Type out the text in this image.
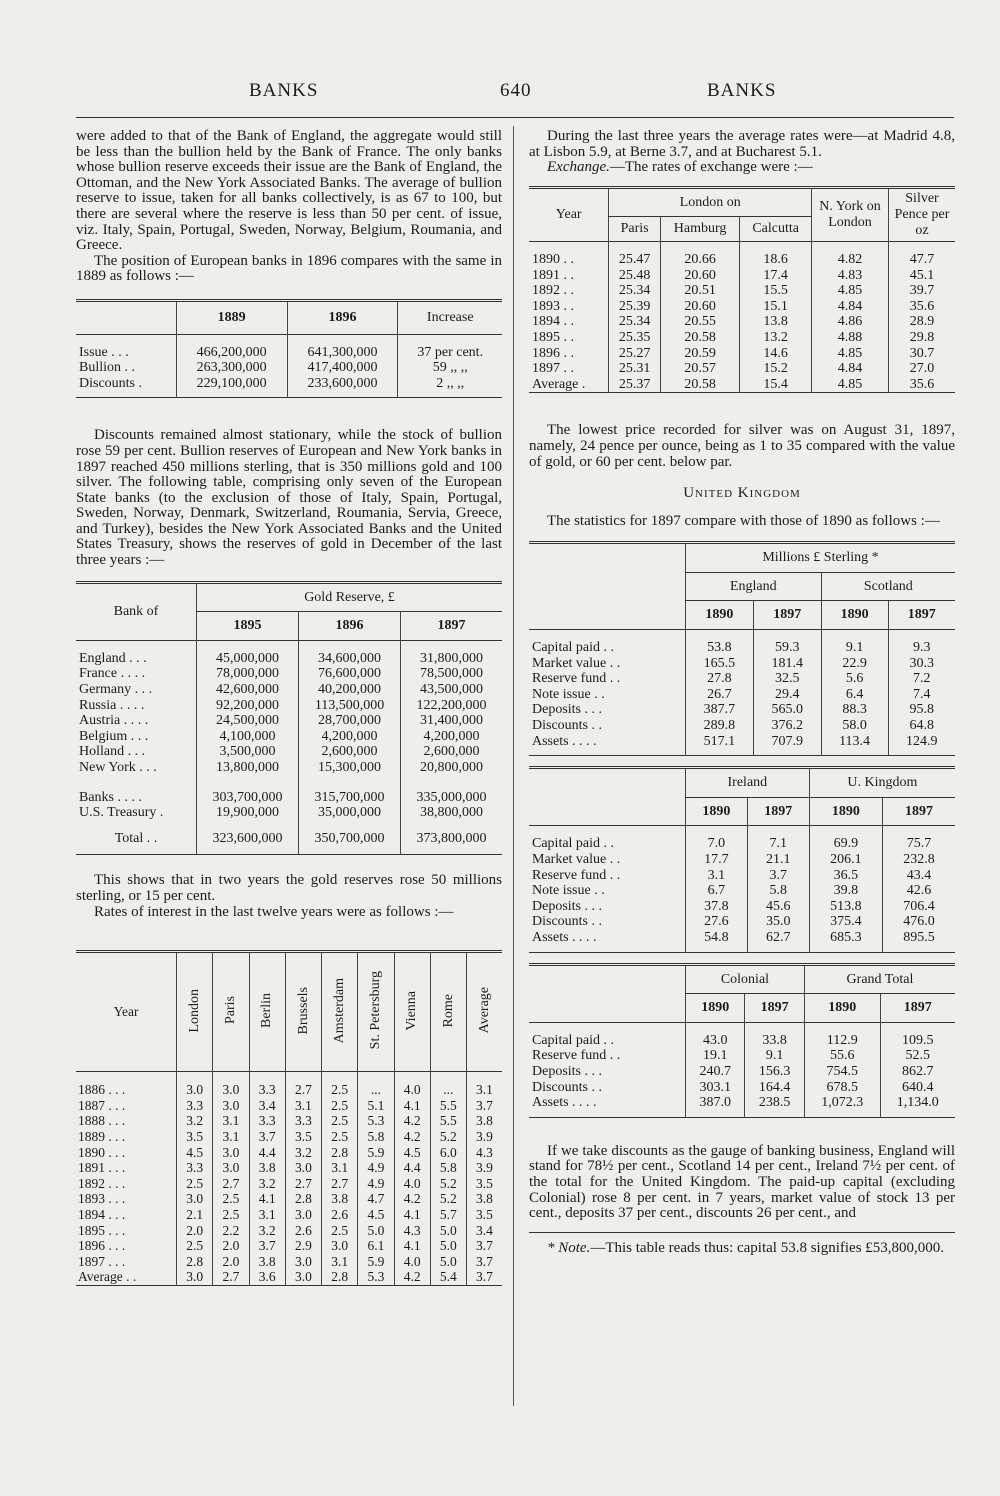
BANKS	640	BANKS

were added to that of the Bank of England, the aggregate would still be less than the bullion held by the Bank of France. The only banks whose bullion reserve exceeds their issue are the Bank of England, the Ottoman, and the New York Associated Banks. The average of bullion reserve to issue, taken for all banks collectively, is as 67 to 100, but there are several where the reserve is less than 50 per cent. of issue, viz. Italy, Spain, Portugal, Sweden, Norway, Belgium, Roumania, and Greece.

The position of European banks in 1896 compares with the same in 1889 as follows :—

	1889	1896	Increase
Issue . . .	466,200,000	641,300,000	37 per cent.
Bullion . .	263,300,000	417,400,000	59 ,, ,,
Discounts .	229,100,000	233,600,000	2 ,, ,,

Discounts remained almost stationary, while the stock of bullion rose 59 per cent. Bullion reserves of European and New York banks in 1897 reached 450 millions sterling, that is 350 millions gold and 100 silver. The following table, comprising only seven of the European State banks (to the exclusion of those of Italy, Spain, Portugal, Sweden, Norway, Denmark, Switzerland, Roumania, Servia, Greece, and Turkey), besides the New York Associated Banks and the United States Treasury, shows the reserves of gold in December of the last three years :—

Bank of	Gold Reserve, £		
	1895	1896	1897
England . . .	45,000,000	34,600,000	31,800,000
France . . . .	78,000,000	76,600,000	78,500,000
Germany . . .	42,600,000	40,200,000	43,500,000
Russia . . . .	92,200,000	113,500,000	122,200,000
Austria . . . .	24,500,000	28,700,000	31,400,000
Belgium . . .	4,100,000	4,200,000	4,200,000
Holland . . .	3,500,000	2,600,000	2,600,000
New York . . .	13,800,000	15,300,000	20,800,000
Banks . . . .	303,700,000	315,700,000	335,000,000
U.S. Treasury .	19,900,000	35,000,000	38,800,000
Total . .	323,600,000	350,700,000	373,800,000

This shows that in two years the gold reserves rose 50 millions sterling, or 15 per cent.

Rates of interest in the last twelve years were as follows :—

Year	London	Paris	Berlin	Brussels	Amsterdam	St. Petersburg	Vienna	Rome	Average
1886 . . .	3.0	3.0	3.3	2.7	2.5	...	4.0	...	3.1
1887 . . .	3.3	3.0	3.4	3.1	2.5	5.1	4.1	5.5	3.7
1888 . . .	3.2	3.1	3.3	3.3	2.5	5.3	4.2	5.5	3.8
1889 . . .	3.5	3.1	3.7	3.5	2.5	5.8	4.2	5.2	3.9
1890 . . .	4.5	3.0	4.4	3.2	2.8	5.9	4.5	6.0	4.3
1891 . . .	3.3	3.0	3.8	3.0	3.1	4.9	4.4	5.8	3.9
1892 . . .	2.5	2.7	3.2	2.7	2.7	4.9	4.0	5.2	3.5
1893 . . .	3.0	2.5	4.1	2.8	3.8	4.7	4.2	5.2	3.8
1894 . . .	2.1	2.5	3.1	3.0	2.6	4.5	4.1	5.7	3.5
1895 . . .	2.0	2.2	3.2	2.6	2.5	5.0	4.3	5.0	3.4
1896 . . .	2.5	2.0	3.7	2.9	3.0	6.1	4.1	5.0	3.7
1897 . . .	2.8	2.0	3.8	3.0	3.1	5.9	4.0	5.0	3.7
Average . .	3.0	2.7	3.6	3.0	2.8	5.3	4.2	5.4	3.7

During the last three years the average rates were—at Madrid 4.8, at Lisbon 5.9, at Berne 3.7, and at Bucharest 5.1.

Exchange.—The rates of exchange were :—

Year	London on			N. York on London	Silver Pence per oz
	Paris	Hamburg	Calcutta		
1890 . .	25.47	20.66	18.6	4.82	47.7
1891 . .	25.48	20.60	17.4	4.83	45.1
1892 . .	25.34	20.51	15.5	4.85	39.7
1893 . .	25.39	20.60	15.1	4.84	35.6
1894 . .	25.34	20.55	13.8	4.86	28.9
1895 . .	25.35	20.58	13.2	4.88	29.8
1896 . .	25.27	20.59	14.6	4.85	30.7
1897 . .	25.31	20.57	15.2	4.84	27.0
Average .	25.37	20.58	15.4	4.85	35.6

The lowest price recorded for silver was on August 31, 1897, namely, 24 pence per ounce, being as 1 to 35 compared with the value of gold, or 60 per cent. below par.

United Kingdom

The statistics for 1897 compare with those of 1890 as follows :—

	Millions £ Sterling *			
	England		Scotland	
	1890	1897	1890	1897
Capital paid . .	53.8	59.3	9.1	9.3
Market value . .	165.5	181.4	22.9	30.3
Reserve fund . .	27.8	32.5	5.6	7.2
Note issue . .	26.7	29.4	6.4	7.4
Deposits . . .	387.7	565.0	88.3	95.8
Discounts . .	289.8	376.2	58.0	64.8
Assets . . . .	517.1	707.9	113.4	124.9
	Ireland		U. Kingdom	
	1890	1897	1890	1897
Capital paid . .	7.0	7.1	69.9	75.7
Market value . .	17.7	21.1	206.1	232.8
Reserve fund . .	3.1	3.7	36.5	43.4
Note issue . .	6.7	5.8	39.8	42.6
Deposits . . .	37.8	45.6	513.8	706.4
Discounts . .	27.6	35.0	375.4	476.0
Assets . . . .	54.8	62.7	685.3	895.5
	Colonial		Grand Total	
	1890	1897	1890	1897
Capital paid . .	43.0	33.8	112.9	109.5
Reserve fund . .	19.1	9.1	55.6	52.5
Deposits . . .	240.7	156.3	754.5	862.7
Discounts . .	303.1	164.4	678.5	640.4
Assets . . . .	387.0	238.5	1,072.3	1,134.0

If we take discounts as the gauge of banking business, England will stand for 78½ per cent., Scotland 14 per cent., Ireland 7½ per cent. of the total for the United Kingdom. The paid-up capital (excluding Colonial) rose 8 per cent. in 7 years, market value of stock 13 per cent., deposits 37 per cent., discounts 26 per cent., and

* Note.—This table reads thus: capital 53.8 signifies £53,800,000.
